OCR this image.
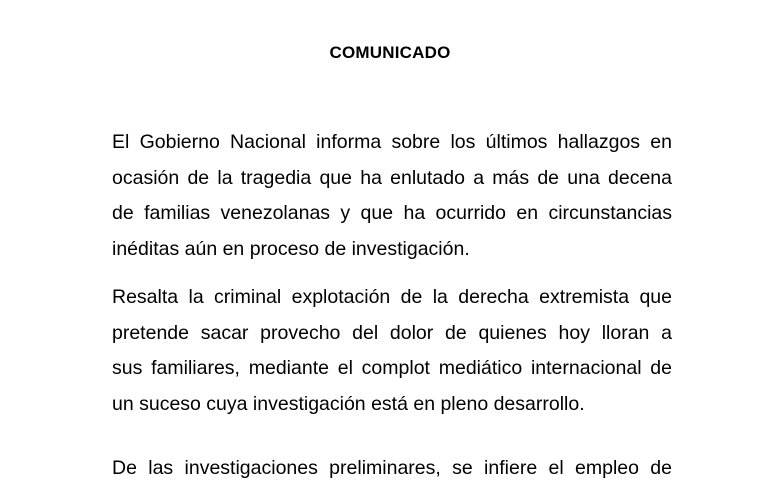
COMUNICADO

El Gobierno Nacional informa sobre los últimos hallazgos en
ocasión de la tragedia que ha enlutado a más de una decena
de familias venezolanas y que ha ocurrido en circunstancias
inéditas aún en proceso de investigación.

Resalta la criminal explotación de la derecha extremista que
pretende sacar provecho del dolor de quienes hoy lloran a
sus familiares, mediante el complot mediático internacional de
un suceso cuya investigación está en pleno desarrollo.

De las investigaciones preliminares, se infiere el empleo de
